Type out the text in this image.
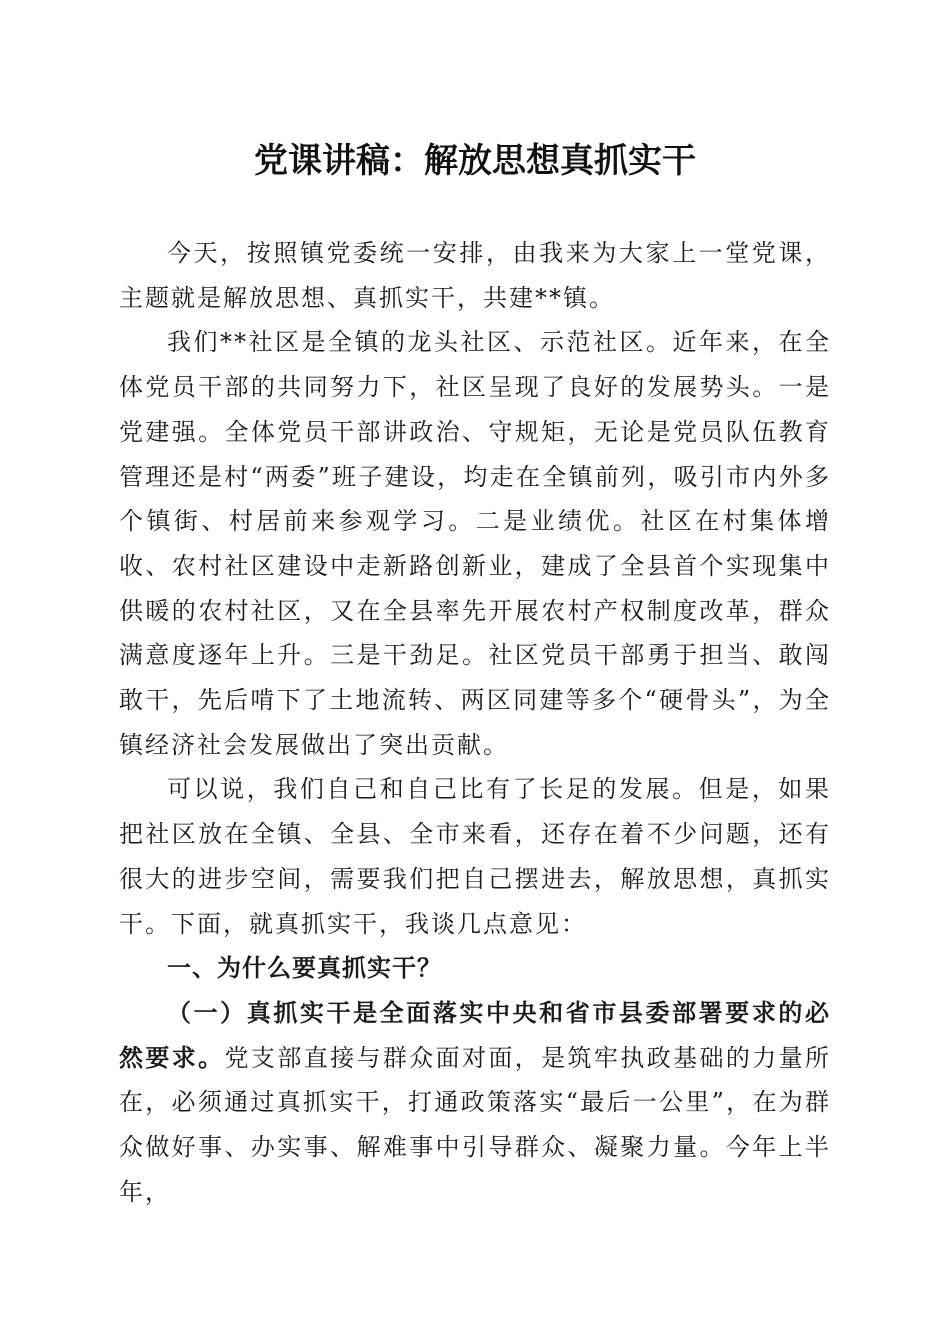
党课讲稿：解放思想真抓实干

今天，按照镇党委统一安排，由我来为大家上一堂党课，主题就是解放思想、真抓实干，共建**镇。

我们**社区是全镇的龙头社区、示范社区。近年来，在全体党员干部的共同努力下，社区呈现了良好的发展势头。一是党建强。全体党员干部讲政治、守规矩，无论是党员队伍教育管理还是村“两委”班子建设，均走在全镇前列，吸引市内外多个镇街、村居前来参观学习。二是业绩优。社区在村集体增收、农村社区建设中走新路创新业，建成了全县首个实现集中供暖的农村社区，又在全县率先开展农村产权制度改革，群众满意度逐年上升。三是干劲足。社区党员干部勇于担当、敢闯敢干，先后啃下了土地流转、两区同建等多个“硬骨头”，为全镇经济社会发展做出了突出贡献。

可以说，我们自己和自己比有了长足的发展。但是，如果把社区放在全镇、全县、全市来看，还存在着不少问题，还有很大的进步空间，需要我们把自己摆进去，解放思想，真抓实干。下面，就真抓实干，我谈几点意见：

一、为什么要真抓实干？

（一）真抓实干是全面落实中央和省市县委部署要求的必然要求。党支部直接与群众面对面，是筑牢执政基础的力量所在，必须通过真抓实干，打通政策落实“最后一公里”，在为群众做好事、办实事、解难事中引导群众、凝聚力量。今年上半年，
